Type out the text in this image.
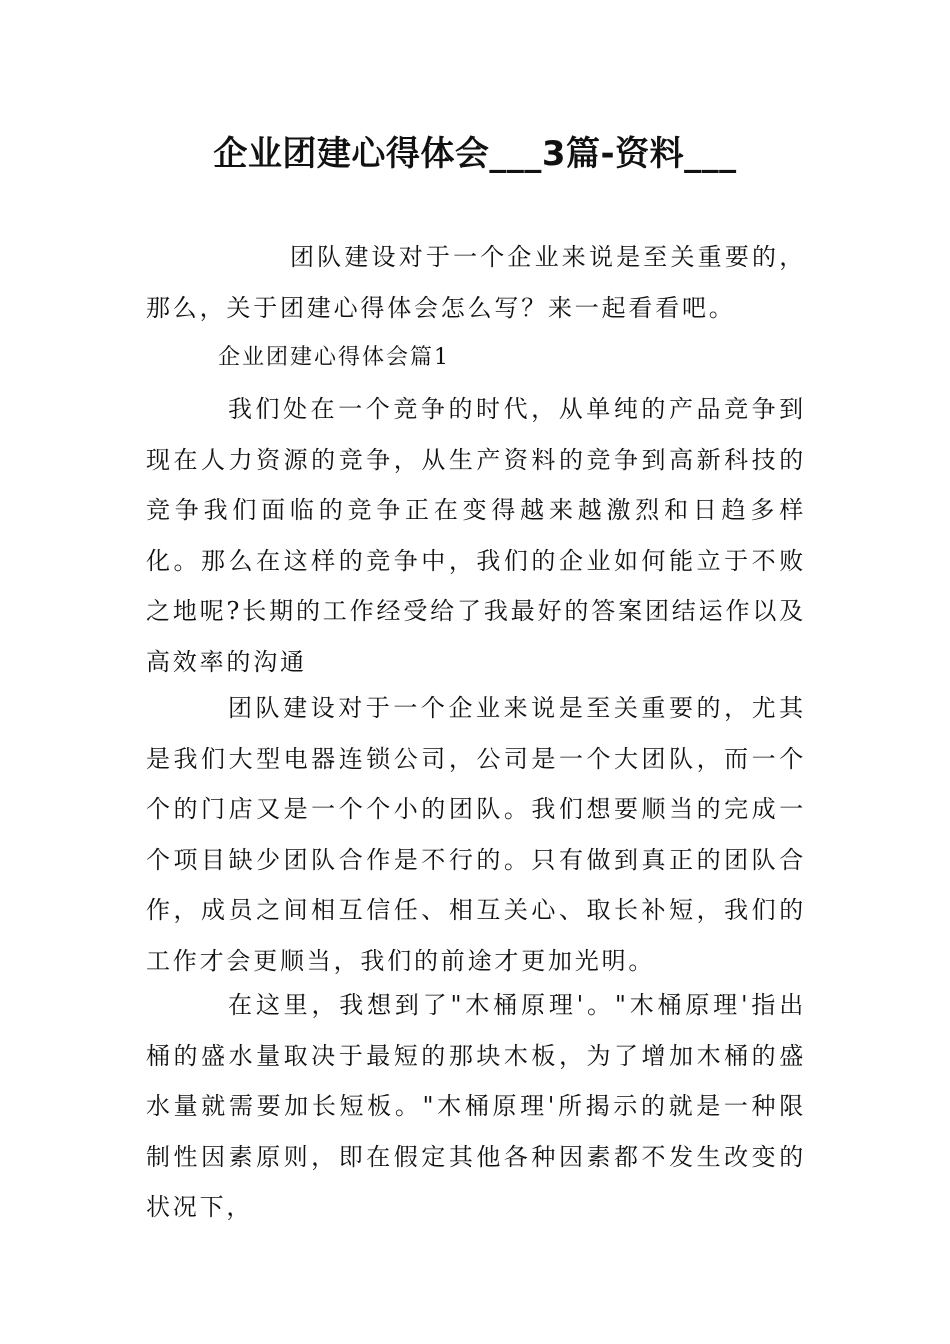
企业团建心得体会___3篇-资料___

团队建设对于一个企业来说是至关重要的，那么，关于团建心得体会怎么写？来一起看看吧。

企业团建心得体会篇1

我们处在一个竞争的时代，从单纯的产品竞争到现在人力资源的竞争，从生产资料的竞争到高新科技的竞争我们面临的竞争正在变得越来越激烈和日趋多样化。那么在这样的竞争中，我们的企业如何能立于不败之地呢?长期的工作经受给了我最好的答案团结运作以及高效率的沟通

团队建设对于一个企业来说是至关重要的，尤其是我们大型电器连锁公司，公司是一个大团队，而一个个的门店又是一个个小的团队。我们想要顺当的完成一个项目缺少团队合作是不行的。只有做到真正的团队合作，成员之间相互信任、相互关心、取长补短，我们的工作才会更顺当，我们的前途才更加光明。

在这里，我想到了"木桶原理'。"木桶原理'指出桶的盛水量取决于最短的那块木板，为了增加木桶的盛水量就需要加长短板。"木桶原理'所揭示的就是一种限制性因素原则，即在假定其他各种因素都不发生改变的状况下，
